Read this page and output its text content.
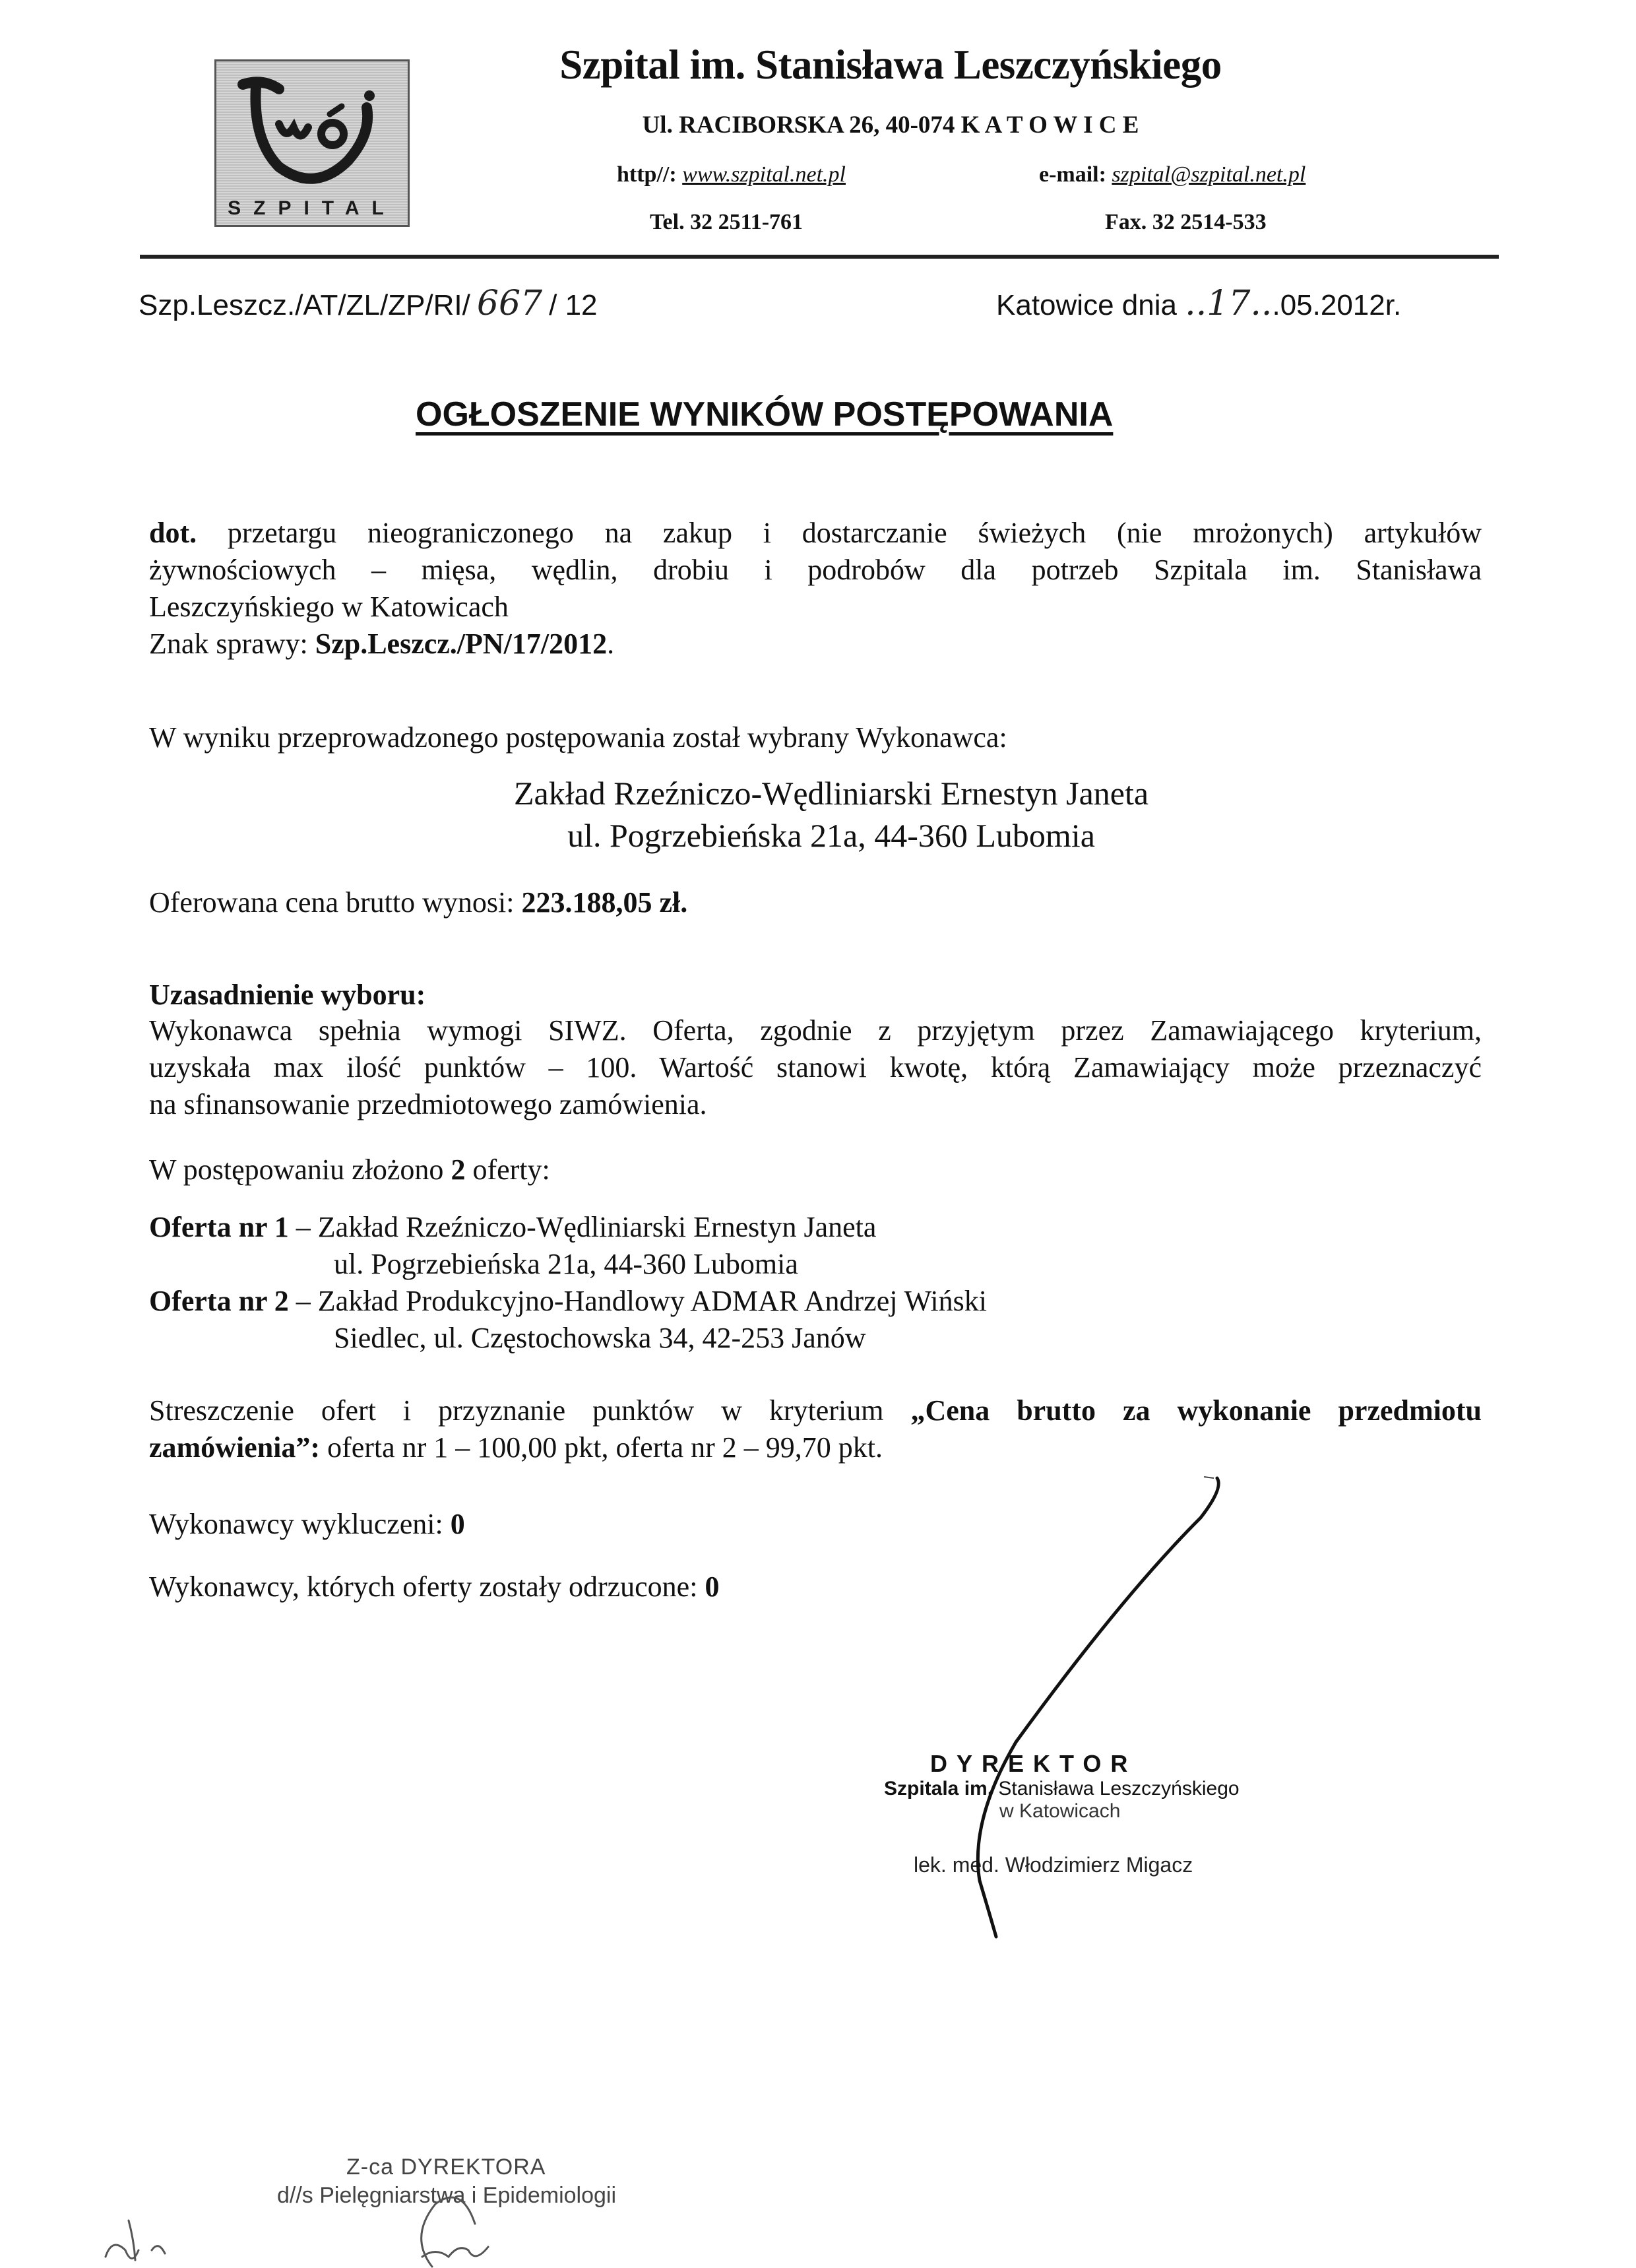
SZPITAL
Szpital im. Stanisława Leszczyńskiego
Ul. RACIBORSKA 26, 40-074 K A T O W I C E
http//: www.szpital.net.pl	e-mail: szpital@szpital.net.pl
Tel. 32 2511-761	Fax. 32 2514-533
Szp.Leszcz./AT/ZL/ZP/RI/ 667 / 12	Katowice dnia ..17...05.2012r.
OGŁOSZENIE WYNIKÓW POSTĘPOWANIA
dot. przetargu nieograniczonego na zakup i dostarczanie świeżych (nie mrożonych) artykułów
żywnościowych – mięsa, wędlin, drobiu i podrobów dla potrzeb Szpitala im. Stanisława
Leszczyńskiego w Katowicach
Znak sprawy: Szp.Leszcz./PN/17/2012.
W wyniku przeprowadzonego postępowania został wybrany Wykonawca:
Zakład Rzeźniczo-Wędliniarski Ernestyn Janeta
ul. Pogrzebieńska 21a, 44-360 Lubomia
Oferowana cena brutto wynosi: 223.188,05 zł.
Uzasadnienie wyboru:
Wykonawca spełnia wymogi SIWZ. Oferta, zgodnie z przyjętym przez Zamawiającego kryterium,
uzyskała max ilość punktów – 100. Wartość stanowi kwotę, którą Zamawiający może przeznaczyć
na sfinansowanie przedmiotowego zamówienia.
W postępowaniu złożono 2 oferty:
Oferta nr 1 – Zakład Rzeźniczo-Wędliniarski Ernestyn Janeta
ul. Pogrzebieńska 21a, 44-360 Lubomia
Oferta nr 2 – Zakład Produkcyjno-Handlowy ADMAR Andrzej Wiński
Siedlec, ul. Częstochowska 34, 42-253 Janów
Streszczenie ofert i przyznanie punktów w kryterium „Cena brutto za wykonanie przedmiotu
zamówienia”: oferta nr 1 – 100,00 pkt, oferta nr 2 – 99,70 pkt.
Wykonawcy wykluczeni: 0
Wykonawcy, których oferty zostały odrzucone: 0
DYREKTOR
Szpitala im. Stanisława Leszczyńskiego
w Katowicach
lek. med. Włodzimierz Migacz
Z-ca DYREKTORA
d//s Pielęgniarstwa i Epidemiologii
